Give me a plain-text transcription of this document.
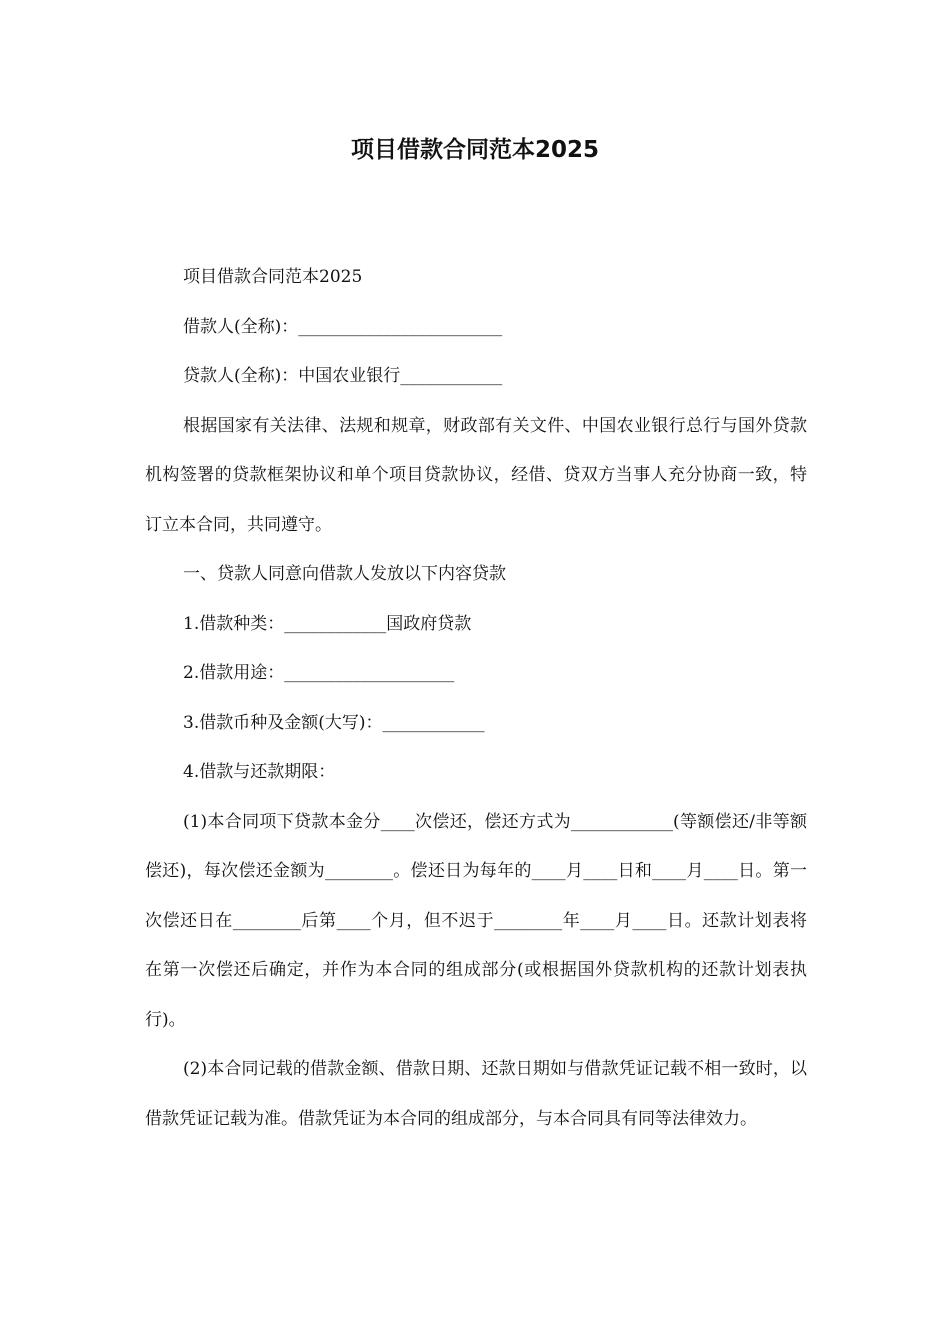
项目借款合同范本2025

项目借款合同范本2025

借款人(全称)：________________________

贷款人(全称)：中国农业银行____________

根据国家有关法律、法规和规章，财政部有关文件、中国农业银行总行与国外贷款机构签署的贷款框架协议和单个项目贷款协议，经借、贷双方当事人充分协商一致，特订立本合同，共同遵守。

一、贷款人同意向借款人发放以下内容贷款

1.借款种类：____________国政府贷款

2.借款用途：____________________

3.借款币种及金额(大写)：____________

4.借款与还款期限：

(1)本合同项下贷款本金分____次偿还，偿还方式为____________(等额偿还/非等额偿还)，每次偿还金额为________。偿还日为每年的____月____日和____月____日。第一次偿还日在________后第____个月，但不迟于________年____月____日。还款计划表将在第一次偿还后确定，并作为本合同的组成部分(或根据国外贷款机构的还款计划表执行)。

(2)本合同记载的借款金额、借款日期、还款日期如与借款凭证记载不相一致时，以借款凭证记载为准。借款凭证为本合同的组成部分，与本合同具有同等法律效力。
